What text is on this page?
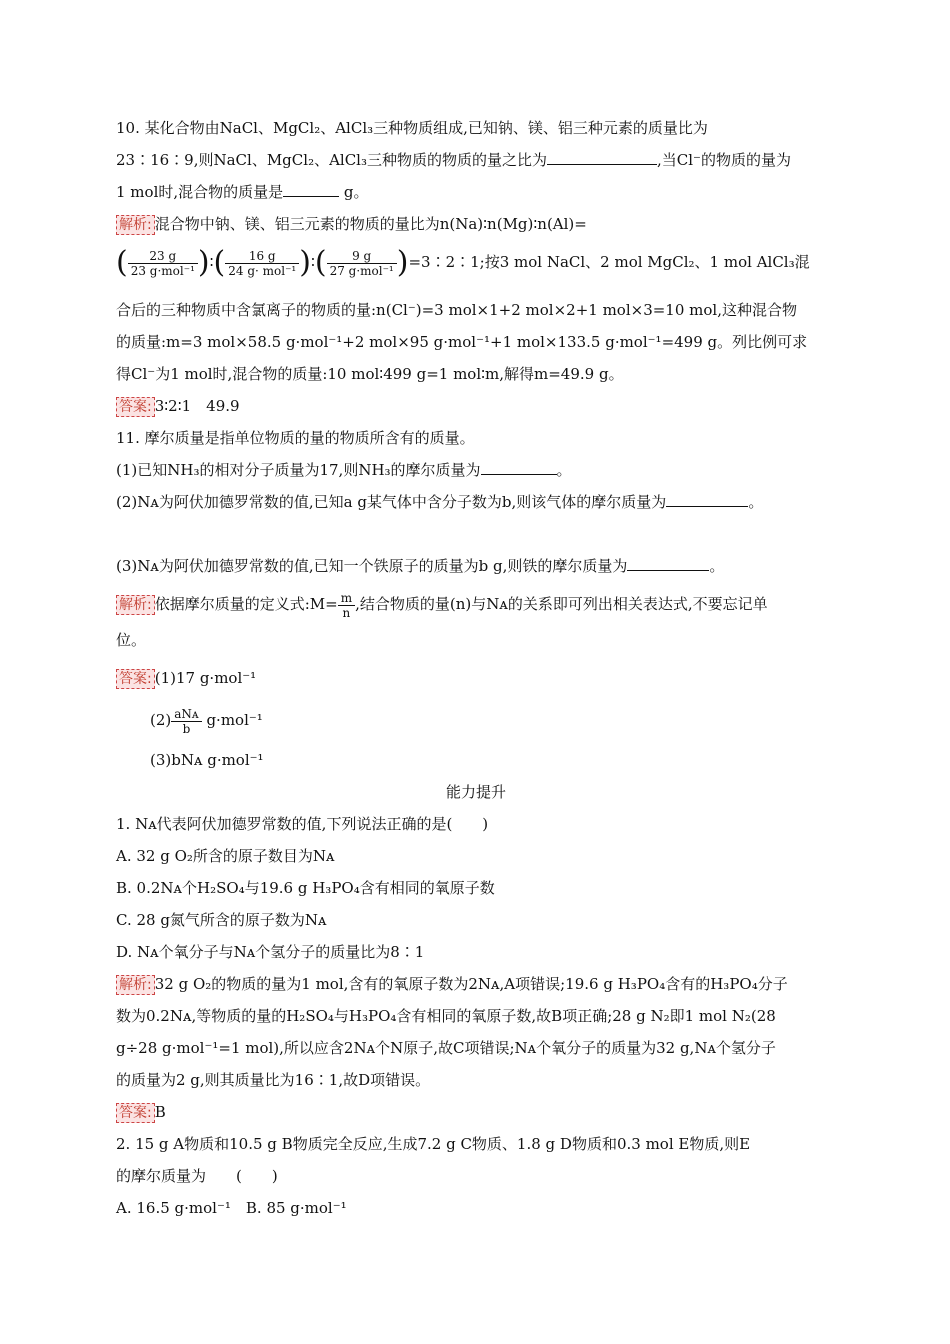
10. 某化合物由NaCl、MgCl₂、AlCl₃三种物质组成,已知钠、镁、铝三种元素的质量比为
23∶16∶9,则NaCl、MgCl₂、AlCl₃三种物质的物质的量之比为	,当Cl⁻的物质的量为
1 mol时,混合物的质量是	g。
解析: 混合物中钠、镁、铝三元素的物质的量比为n(Na)∶n(Mg)∶n(Al)=
( $\frac{23 g}{\text{23 g·mol⁻¹}}$ )∶( $\frac{16 g}{\text{24 g· mol⁻¹}}$ )∶( $\frac{9 g}{\text{27 g·mol⁻¹}}$ )=3∶2∶1;按3 mol NaCl、2 mol MgCl₂、1 mol AlCl₃混
合后的三种物质中含氯离子的物质的量:n(Cl⁻)=3 mol×1+2 mol×2+1 mol×3=10 mol,这种混合物
的质量:m=3 mol×58.5 g·mol⁻¹+2 mol×95 g·mol⁻¹+1 mol×133.5 g·mol⁻¹=499 g。列比例可求
得Cl⁻为1 mol时,混合物的质量:10 mol∶499 g=1 mol∶m,解得m=49.9 g。
答案: 3∶2∶1　49.9
11. 摩尔质量是指单位物质的量的物质所含有的质量。
(1)已知NH₃的相对分子质量为17,则NH₃的摩尔质量为	。
(2)Nᴀ为阿伏加德罗常数的值,已知a g某气体中含分子数为b,则该气体的摩尔质量为	。
(3)Nᴀ为阿伏加德罗常数的值,已知一个铁原子的质量为b g,则铁的摩尔质量为	。
解析: 依据摩尔质量的定义式:M= $\frac{m}{n}$ ,结合物质的量(n)与Nᴀ的关系即可列出相关表达式,不要忘记单
位。
答案: (1)17 g·mol⁻¹
$(2) \frac{\text{aNᴀ}}{b} g\cdot mol^{-1}$
(3)bNᴀ g·mol⁻¹
能力提升
1. Nᴀ代表阿伏加德罗常数的值,下列说法正确的是(　　)
A. 32 g O₂所含的原子数目为Nᴀ
B. 0.2Nᴀ个H₂SO₄与19.6 g H₃PO₄含有相同的氧原子数
C. 28 g氮气所含的原子数为Nᴀ
D. Nᴀ个氧分子与Nᴀ个氢分子的质量比为8∶1
解析: 32 g O₂的物质的量为1 mol,含有的氧原子数为2Nᴀ,A项错误;19.6 g H₃PO₄含有的H₃PO₄分子
数为0.2Nᴀ,等物质的量的H₂SO₄与H₃PO₄含有相同的氧原子数,故B项正确;28 g N₂即1 mol N₂(28
g÷28 g·mol⁻¹=1 mol),所以应含2Nᴀ个N原子,故C项错误;Nᴀ个氧分子的质量为32 g,Nᴀ个氢分子
的质量为2 g,则其质量比为16∶1,故D项错误。
答案: B
2. 15 g A物质和10.5 g B物质完全反应,生成7.2 g C物质、1.8 g D物质和0.3 mol E物质,则E
的摩尔质量为　　(　　)
A. 16.5 g·mol⁻¹　B. 85 g·mol⁻¹
